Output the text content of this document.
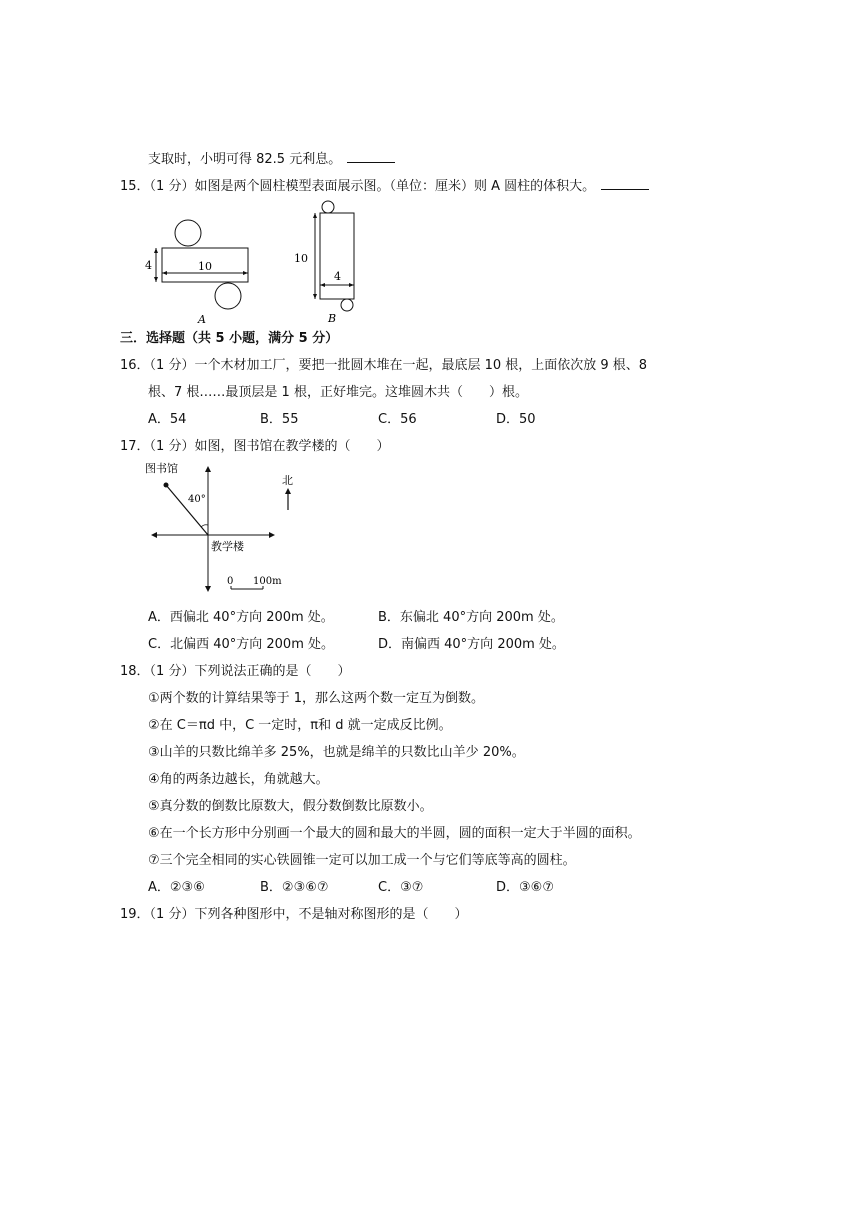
支取时，小明可得 82.5 元利息。
15．（1 分）如图是两个圆柱模型表面展示图。（单位：厘米）则 A 圆柱的体积大。
4	10
A
10
4
B
三．选择题（共 5 小题，满分 5 分）
16．（1 分）一个木材加工厂，要把一批圆木堆在一起，最底层 10 根，上面依次放 9 根、8
根、7 根……最顶层是 1 根，正好堆完。这堆圆木共（　　）根。
A．54	B．55	C．56	D．50
17．（1 分）如图，图书馆在教学楼的（　　）
图书馆
40°
北
教学楼
0 100m
A．西偏北 40°方向 200m 处。	B．东偏北 40°方向 200m 处。
C．北偏西 40°方向 200m 处。	D．南偏西 40°方向 200m 处。
18．（1 分）下列说法正确的是（　　）
①两个数的计算结果等于 1，那么这两个数一定互为倒数。
②在 C＝πd 中，C 一定时，π和 d 就一定成反比例。
③山羊的只数比绵羊多 25%，也就是绵羊的只数比山羊少 20%。
④角的两条边越长，角就越大。
⑤真分数的倒数比原数大，假分数倒数比原数小。
⑥在一个长方形中分别画一个最大的圆和最大的半圆，圆的面积一定大于半圆的面积。
⑦三个完全相同的实心铁圆锥一定可以加工成一个与它们等底等高的圆柱。
A．②③⑥	B．②③⑥⑦	C．③⑦	D．③⑥⑦
19．（1 分）下列各种图形中，不是轴对称图形的是（　　）
